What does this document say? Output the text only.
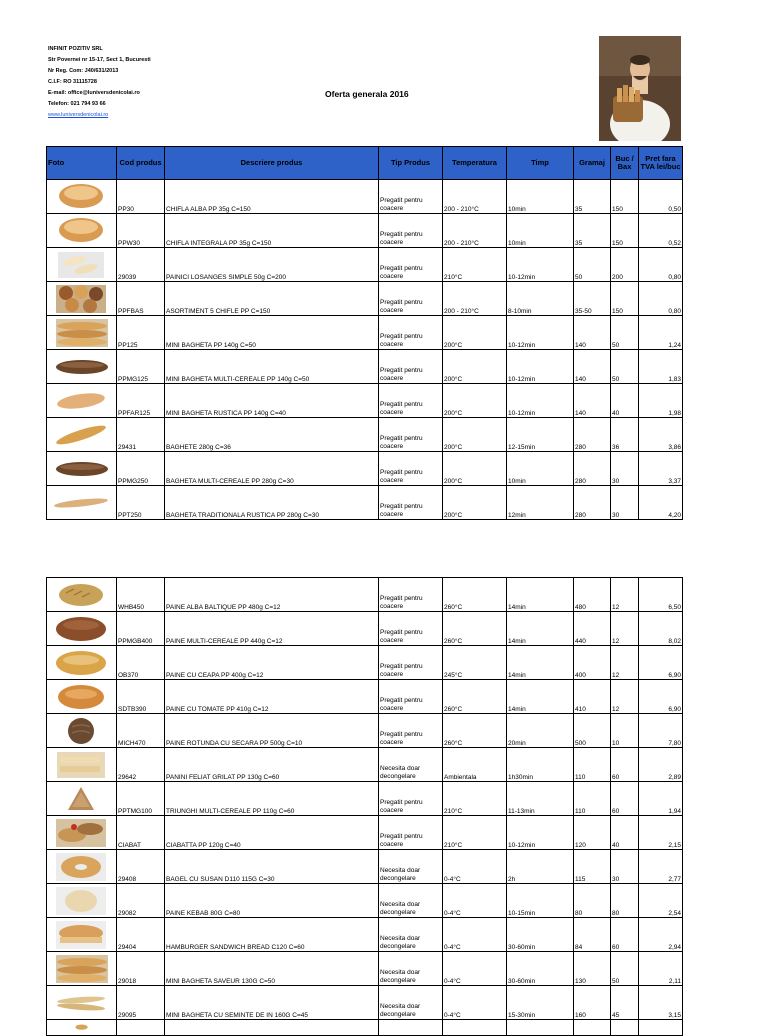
INFINIT POZITIV SRL
Str Povernei nr 15-17, Sect 1, Bucuresti
Nr Reg. Com: J40/631/2013
C.I.F: RO 31115728
E-mail: office@luniversdenicolai.ro
Telefon: 021 794 93 66
www.luniversdenicolai.ro
Oferta generala 2016
Foto	Cod produs	Descriere produs	Tip Produs	Temperatura	Timp	Gramaj	Buc / Bax	Pret fara TVA lei/buc

	PP30	CHIFLA ALBA PP 35g C=150	Pregatit pentru coacere	200 - 210°C	10min	35	150	0,50

	PPW30	CHIFLA INTEGRALA PP 35g C=150	Pregatit pentru coacere	200 - 210°C	10min	35	150	0,52

	29039	PAINICI LOSANGES SIMPLE 50g C=200	Pregatit pentru coacere	210°C	10-12min	50	200	0,80

	PPFBAS	ASORTIMENT 5 CHIFLE PP C=150	Pregatit pentru coacere	200 - 210°C	8-10min	35-50	150	0,80

	PP125	MINI BAGHETA PP 140g C=50	Pregatit pentru coacere	200°C	10-12min	140	50	1,24

	PPMG125	MINI BAGHETA MULTI-CEREALE PP 140g C=50	Pregatit pentru coacere	200°C	10-12min	140	50	1,83

	PPFAR125	MINI BAGHETA RUSTICA PP 140g C=40	Pregatit pentru coacere	200°C	10-12min	140	40	1,98

	29431	BAGHETE 280g C=36	Pregatit pentru coacere	200°C	12-15min	280	36	3,86

	PPMG250	BAGHETA MULTI-CEREALE PP 280g C=30	Pregatit pentru coacere	200°C	10min	280	30	3,37

	PPT250	BAGHETA TRADITIONALA RUSTICA PP 280g C=30	Pregatit pentru coacere	200°C	12min	280	30	4,20
	WHB450	PAINE ALBA BALTIQUE PP 480g C=12	Pregatit pentru coacere	260°C	14min	480	12	6,50

	PPMGB400	PAINE MULTI-CEREALE PP 440g C=12	Pregatit pentru coacere	260°C	14min	440	12	8,02

	OB370	PAINE CU CEAPA PP 400g C=12	Pregatit pentru coacere	245°C	14min	400	12	6,90

	SDTB390	PAINE CU TOMATE PP 410g C=12	Pregatit pentru coacere	260°C	14min	410	12	6,90

	MICH470	PAINE ROTUNDA CU SECARA PP 500g C=10	Pregatit pentru coacere	260°C	20min	500	10	7,80

	29642	PANINI FELIAT GRILAT PP 130g C=60	Necesita doar decongelare	Ambientala	1h30min	110	60	2,89

	PPTMG100	TRIUNGHI MULTI-CEREALE PP 110g C=60	Pregatit pentru coacere	210°C	11-13min	110	60	1,94

	CIABAT	CIABATTA PP 120g C=40	Pregatit pentru coacere	210°C	10-12min	120	40	2,15

	29408	BAGEL CU SUSAN D110 115G C=30	Necesita doar decongelare	0-4°C	2h	115	30	2,77

	29082	PAINE KEBAB 80G C=80	Necesita doar decongelare	0-4°C	10-15min	80	80	2,54

	29404	HAMBURGER SANDWICH BREAD C120 C=60	Necesita doar decongelare	0-4°C	30-60min	84	60	2,94

	29018	MINI BAGHETA SAVEUR 130G C=50	Necesita doar decongelare	0-4°C	30-60min	130	50	2,11

	29095	MINI BAGHETA CU SEMINTE DE IN 160G C=45	Necesita doar decongelare	0-4°C	15-30min	160	45	3,15
